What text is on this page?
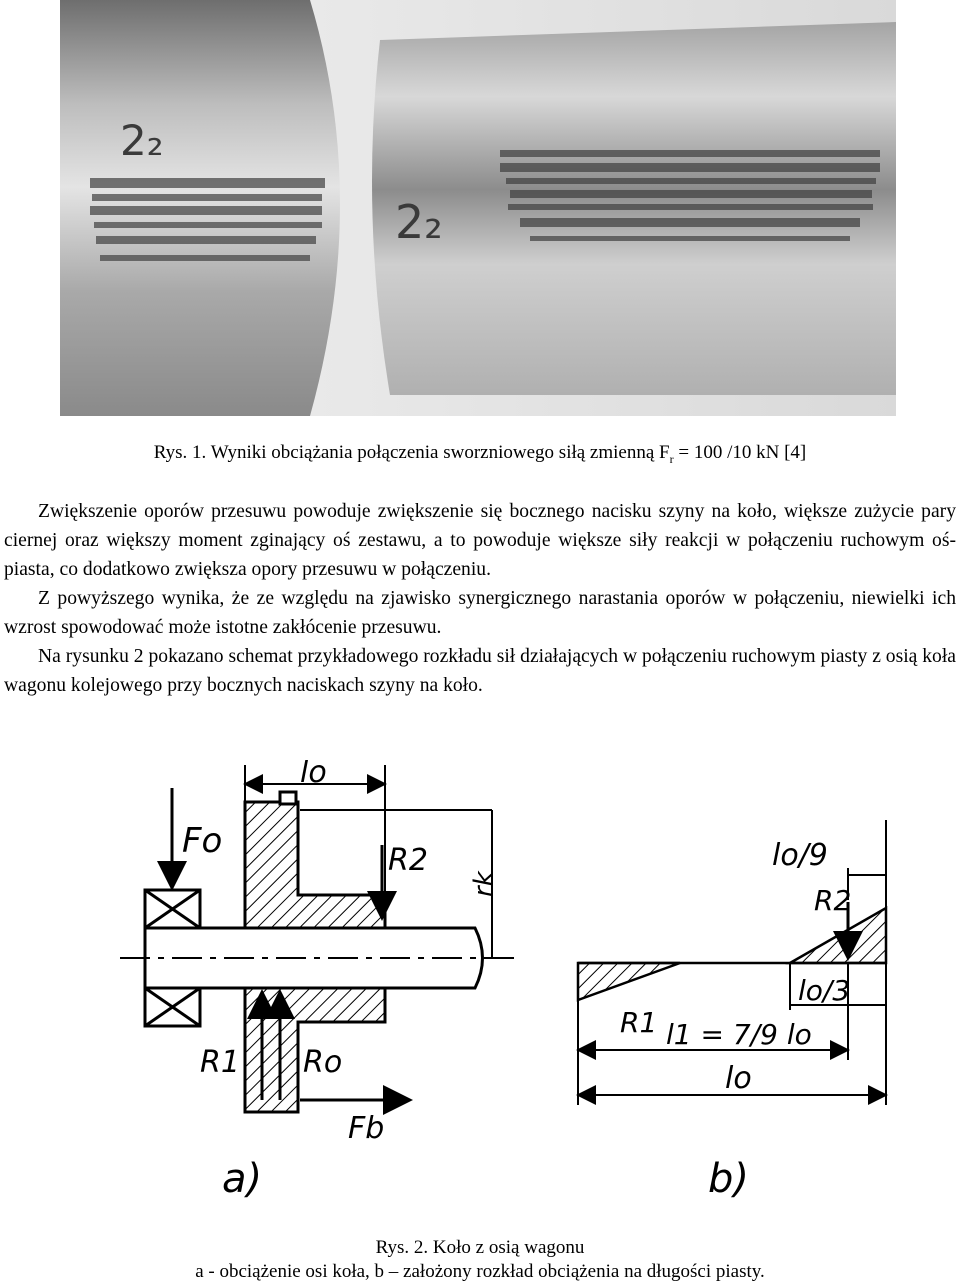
2₂
2₂
Rys. 1. Wyniki obciążania połączenia sworzniowego siłą zmienną $F_r = 100$ /10 kN [4]

Zwiększenie oporów przesuwu powoduje zwiększenie się bocznego nacisku szyny na koło, większe zużycie pary ciernej oraz większy moment zginający oś zestawu, a to powoduje większe siły reakcji w połączeniu ruchowym oś-piasta, co dodatkowo zwiększa opory przesuwu w połączeniu.

Z powyższego wynika, że ze względu na zjawisko synergicznego narastania oporów w połączeniu, niewielki ich wzrost spowodować może istotne zakłócenie przesuwu.

Na rysunku 2 pokazano schemat przykładowego rozkładu sił działających w połączeniu ruchowym piasty z osią koła wagonu kolejowego przy bocznych naciskach szyny na koło.

lo
Fo	R2
rk
R1 Ro
Fb
a)
lo/9
R2
lo/3
R1 l1 = 7/9 lo
lo
b)
Rys. 2. Koło z osią wagonu
a - obciążenie osi koła, b – założony rozkład obciążenia na długości piasty.
